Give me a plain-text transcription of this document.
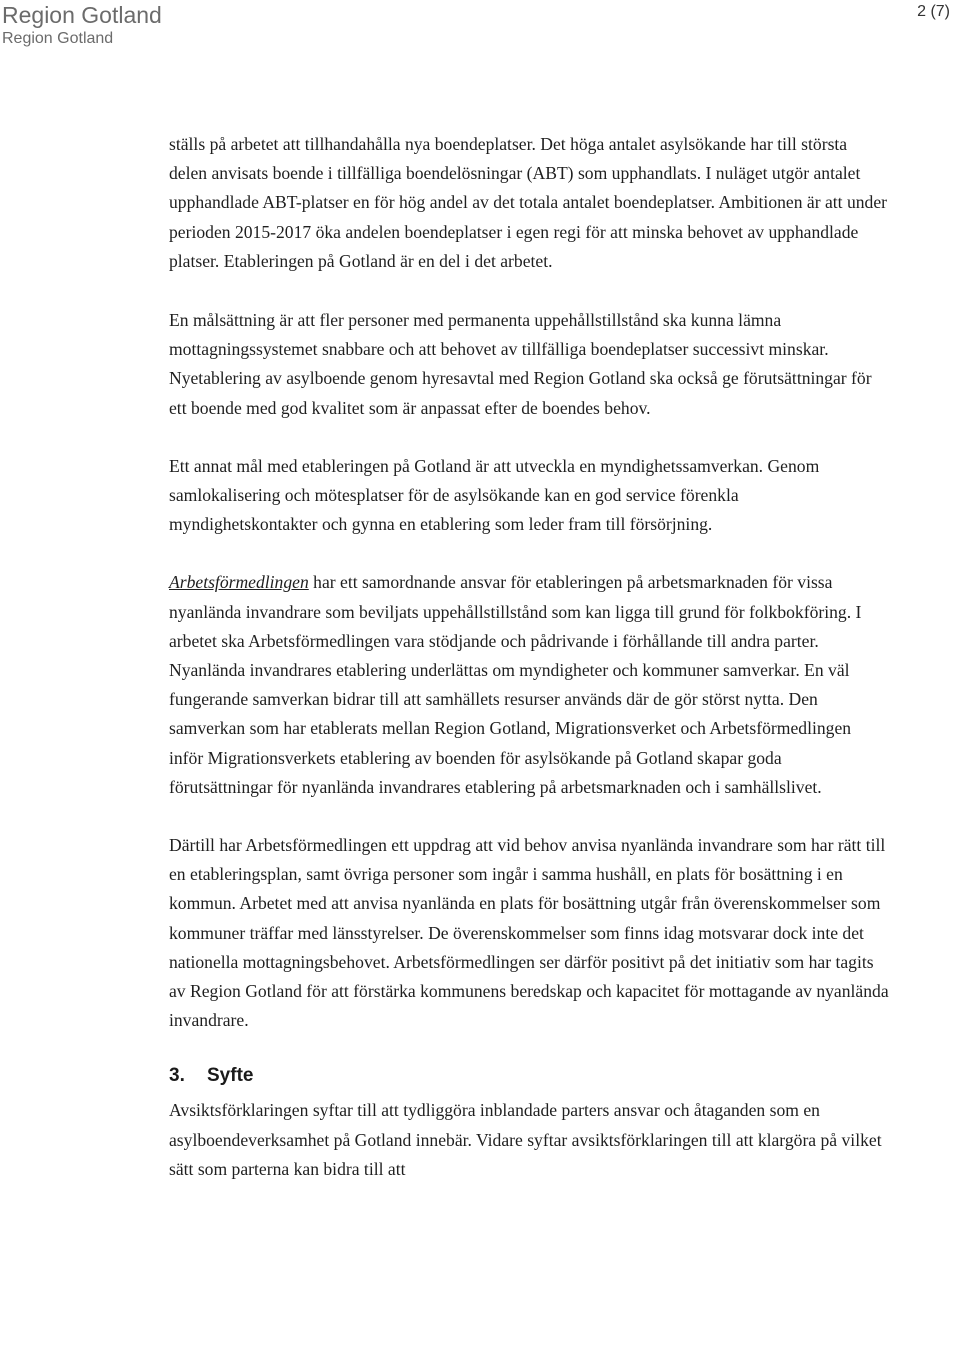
Region Gotland
Region Gotland
2 (7)

ställs på arbetet att tillhandahålla nya boendeplatser. Det höga antalet asylsökande har till största delen anvisats boende i tillfälliga boendelösningar (ABT) som upphandlats. I nuläget utgör antalet upphandlade ABT-platser en för hög andel av det totala antalet boendeplatser. Ambitionen är att under perioden 2015-2017 öka andelen boendeplatser i egen regi för att minska behovet av upphandlade platser. Etableringen på Gotland är en del i det arbetet.

En målsättning är att fler personer med permanenta uppehållstillstånd ska kunna lämna mottagningssystemet snabbare och att behovet av tillfälliga boendeplatser successivt minskar. Nyetablering av asylboende genom hyresavtal med Region Gotland ska också ge förutsättningar för ett boende med god kvalitet som är anpassat efter de boendes behov.

Ett annat mål med etableringen på Gotland är att utveckla en myndighetssamverkan. Genom samlokalisering och mötesplatser för de asylsökande kan en god service förenkla myndighetskontakter och gynna en etablering som leder fram till försörjning.

Arbetsförmedlingen har ett samordnande ansvar för etableringen på arbetsmarknaden för vissa nyanlända invandrare som beviljats uppehållstillstånd som kan ligga till grund för folkbokföring. I arbetet ska Arbetsförmedlingen vara stödjande och pådrivande i förhållande till andra parter. Nyanlända invandrares etablering underlättas om myndigheter och kommuner samverkar. En väl fungerande samverkan bidrar till att samhällets resurser används där de gör störst nytta. Den samverkan som har etablerats mellan Region Gotland, Migrationsverket och Arbetsförmedlingen inför Migrationsverkets etablering av boenden för asylsökande på Gotland skapar goda förutsättningar för nyanlända invandrares etablering på arbetsmarknaden och i samhällslivet.

Därtill har Arbetsförmedlingen ett uppdrag att vid behov anvisa nyanlända invandrare som har rätt till en etableringsplan, samt övriga personer som ingår i samma hushåll, en plats för bosättning i en kommun. Arbetet med att anvisa nyanlända en plats för bosättning utgår från överenskommelser som kommuner träffar med länsstyrelser. De överenskommelser som finns idag motsvarar dock inte det nationella mottagningsbehovet. Arbetsförmedlingen ser därför positivt på det initiativ som har tagits av Region Gotland för att förstärka kommunens beredskap och kapacitet för mottagande av nyanlända invandrare.

3. Syfte

Avsiktsförklaringen syftar till att tydliggöra inblandade parters ansvar och åtaganden som en asylboendeverksamhet på Gotland innebär. Vidare syftar avsiktsförklaringen till att klargöra på vilket sätt som parterna kan bidra till att
